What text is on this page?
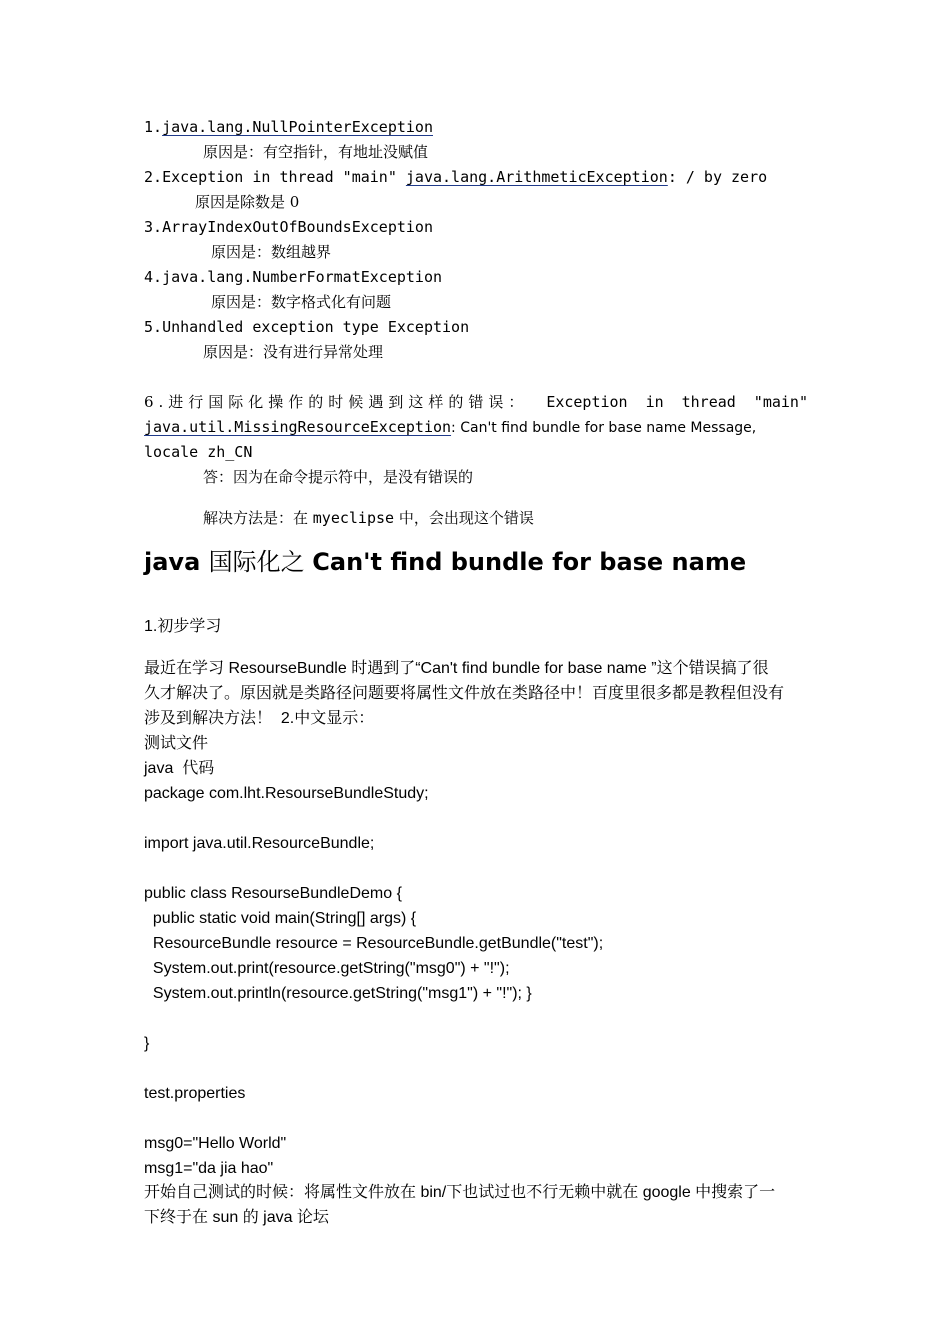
1.java.lang.NullPointerException
原因是：有空指针，有地址没赋值
2.Exception in thread "main" java.lang.ArithmeticException: / by zero
原因是除数是 0
3.ArrayIndexOutOfBoundsException
原因是：数组越界
4.java.lang.NumberFormatException
原因是：数字格式化有问题
5.Unhandled exception type Exception
原因是：没有进行异常处理
6.进行国际化操作的时候遇到这样的错误： Exception in thread "main"
java.util.MissingResourceException: Can't find bundle for base name Message,
locale zh_CN
答：因为在命令提示符中，是没有错误的
解决方法是：在 myeclipse 中，会出现这个错误
java 国际化之 Can't find bundle for base name
1.初步学习
最近在学习 ResourseBundle 时遇到了“Can't find bundle for base name ”这个错误搞了很
久才解决了。原因就是类路径问题要将属性文件放在类路径中！百度里很多都是教程但没有
涉及到解决方法！  2.中文显示：
测试文件
java  代码
package com.lht.ResourseBundleStudy;
import java.util.ResourceBundle;
public class ResourseBundleDemo {
public static void main(String[] args) {
ResourceBundle resource = ResourceBundle.getBundle("test");
System.out.print(resource.getString("msg0") + "!");
System.out.println(resource.getString("msg1") + "!"); }
}
test.properties
msg0="Hello World"
msg1="da jia hao"
开始自己测试的时候：将属性文件放在 bin/下也试过也不行无赖中就在 google 中搜索了一
下终于在 sun 的 java 论坛
